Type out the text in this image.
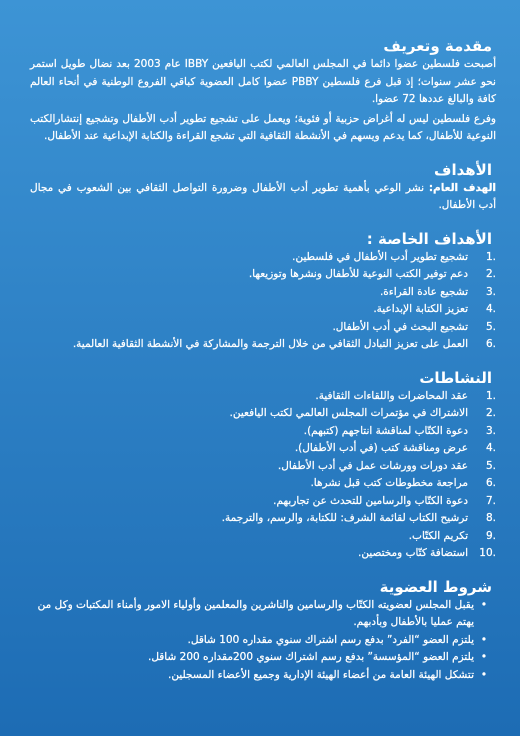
مقدمة وتعريف

أصبحت فلسطين عضوا دائما في المجلس العالمي لكتب اليافعين IBBY عام 2003 بعد نضال طويل استمر نحو عشر سنوات؛ إذ قبل فرع فلسطين PBBY عضوا كامل العضوية كباقي الفروع الوطنية في أنحاء العالم كافة والبالغ عددها 72 عضوا.

وفرع فلسطين ليس له أغراض حزبية أو فئوية؛ ويعمل على تشجيع تطوير أدب الأطفال وتشجيع إنتشارالكتب النوعية للأطفال، كما يدعم ويسهم في الأنشطة الثقافية التي تشجع القراءة والكتابة الإبداعية عند الأطفال.

الأهداف

الهدف العام: نشر الوعي بأهمية تطوير أدب الأطفال وضرورة التواصل الثقافي بين الشعوب في مجال أدب الأطفال.

الأهداف الخاصة :
1.
تشجيع تطوير أدب الأطفال في فلسطين.
2.
دعم توفير الكتب النوعية للأطفال ونشرها وتوزيعها.
3.
تشجيع عادة القراءة.
4.
تعزيز الكتابة الإبداعية.
5.
تشجيع البحث في أدب الأطفال.
6.
العمل على تعزيز التبادل الثقافي من خلال الترجمة والمشاركة في الأنشطة الثقافية العالمية.
النشاطات
1.
عقد المحاضرات واللقاءات الثقافية.
2.
الاشتراك في مؤتمرات المجلس العالمي لكتب اليافعين.
3.
دعوة الكتّاب لمناقشة انتاجهم (كتبهم).
4.
عرض ومناقشة كتب (في أدب الأطفال).
5.
عقد دورات وورشات عمل في أدب الأطفال.
6.
مراجعة مخطوطات كتب قبل نشرها.
7.
دعوة الكتّاب والرسامين للتحدث عن تجاربهم.
8.
ترشيح الكتاب لقائمة الشرف: للكتابة، والرسم، والترجمة.
9.
تكريم الكتّاب.
10.
استضافة كتّاب ومختصين.
شروط العضوية
•
يقبل المجلس لعضويته الكتّاب والرسامين والناشرين والمعلمين وأولياء الامور وأمناء المكتبات وكل من يهتم عمليا بالأطفال وبأدبهم.
•
يلتزم العضو “الفرد” بدفع رسم اشتراك سنوي مقداره 100 شاقل.
•
يلتزم العضو “المؤسسة” بدفع رسم اشتراك سنوي 200مقداره 200 شاقل.
•
تتشكل الهيئة العامة من أعضاء الهيئة الإدارية وجميع الأعضاء المسجلين.
